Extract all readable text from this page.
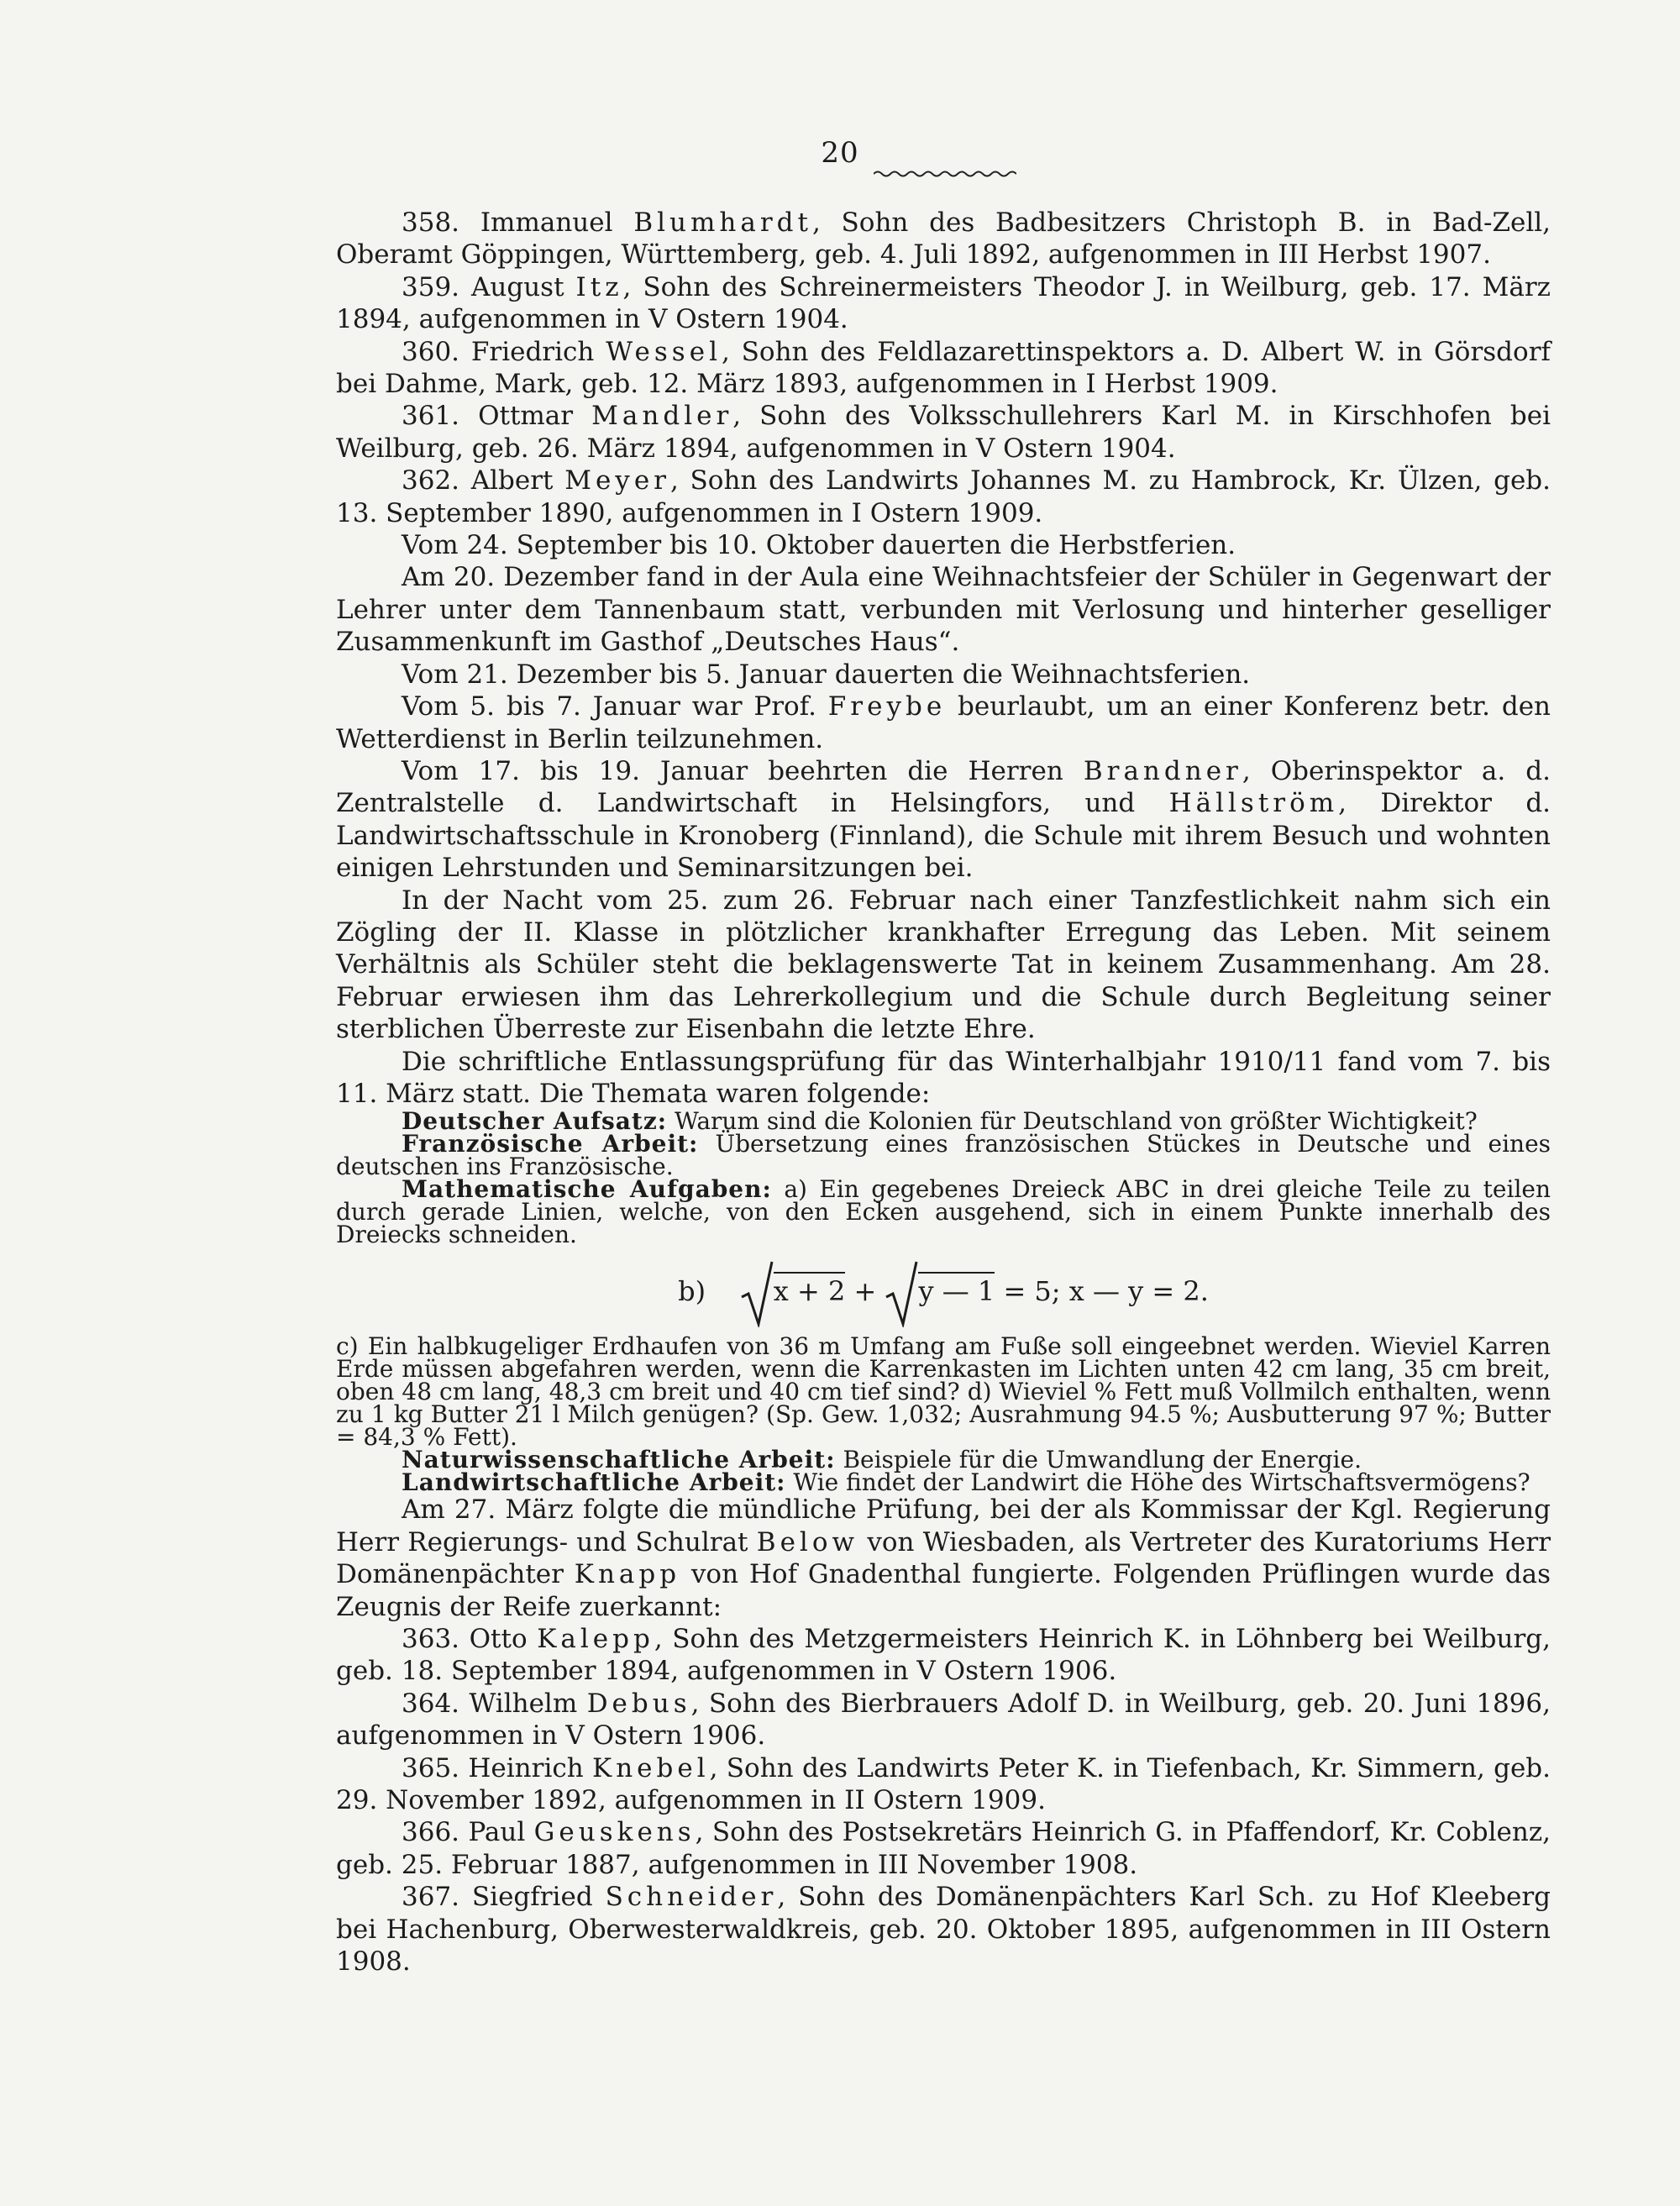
20

358. Immanuel Blumhardt, Sohn des Badbesitzers Christoph B. in Bad-Zell, Oberamt Göppingen, Württemberg, geb. 4. Juli 1892, aufgenommen in III Herbst 1907.

359. August Itz, Sohn des Schreinermeisters Theodor J. in Weilburg, geb. 17. März 1894, aufgenommen in V Ostern 1904.

360. Friedrich Wessel, Sohn des Feldlazarettinspektors a. D. Albert W. in Görsdorf bei Dahme, Mark, geb. 12. März 1893, aufgenommen in I Herbst 1909.

361. Ottmar Mandler, Sohn des Volksschullehrers Karl M. in Kirschhofen bei Weilburg, geb. 26. März 1894, aufgenommen in V Ostern 1904.

362. Albert Meyer, Sohn des Landwirts Johannes M. zu Hambrock, Kr. Ülzen, geb. 13. September 1890, aufgenommen in I Ostern 1909.

Vom 24. September bis 10. Oktober dauerten die Herbstferien.

Am 20. Dezember fand in der Aula eine Weihnachtsfeier der Schüler in Gegenwart der Lehrer unter dem Tannenbaum statt, verbunden mit Verlosung und hinterher geselliger Zusammenkunft im Gasthof „Deutsches Haus“.

Vom 21. Dezember bis 5. Januar dauerten die Weihnachtsferien.

Vom 5. bis 7. Januar war Prof. Freybe beurlaubt, um an einer Konferenz betr. den Wetterdienst in Berlin teilzunehmen.

Vom 17. bis 19. Januar beehrten die Herren Brandner, Oberinspektor a. d. Zentralstelle d. Landwirtschaft in Helsingfors, und Hällström, Direktor d. Landwirtschaftsschule in Kronoberg (Finnland), die Schule mit ihrem Besuch und wohnten einigen Lehrstunden und Seminarsitzungen bei.

In der Nacht vom 25. zum 26. Februar nach einer Tanzfestlichkeit nahm sich ein Zögling der II. Klasse in plötzlicher krankhafter Erregung das Leben. Mit seinem Verhältnis als Schüler steht die beklagenswerte Tat in keinem Zusammenhang. Am 28. Februar erwiesen ihm das Lehrerkollegium und die Schule durch Begleitung seiner sterblichen Überreste zur Eisenbahn die letzte Ehre.

Die schriftliche Entlassungsprüfung für das Winterhalbjahr 1910/11 fand vom 7. bis 11. März statt. Die Themata waren folgende:

Deutscher Aufsatz: Warum sind die Kolonien für Deutschland von größter Wichtigkeit?

Französische Arbeit: Übersetzung eines französischen Stückes in Deutsche und eines deutschen ins Französische.

Mathematische Aufgaben: a) Ein gegebenes Dreieck ABC in drei gleiche Teile zu teilen durch gerade Linien, welche, von den Ecken ausgehend, sich in einem Punkte innerhalb des Dreiecks schneiden.

b)	x + 2 + y — 1 = 5; x — y = 2.

c) Ein halbkugeliger Erdhaufen von 36 m Umfang am Fuße soll eingeebnet werden. Wieviel Karren Erde müssen abgefahren werden, wenn die Karrenkasten im Lichten unten 42 cm lang, 35 cm breit, oben 48 cm lang, 48,3 cm breit und 40 cm tief sind? d) Wieviel % Fett muß Vollmilch enthalten, wenn zu 1 kg Butter 21 l Milch genügen? (Sp. Gew. 1,032; Ausrahmung 94.5 %; Ausbutterung 97 %; Butter = 84,3 % Fett).

Naturwissenschaftliche Arbeit: Beispiele für die Umwandlung der Energie.

Landwirtschaftliche Arbeit: Wie findet der Landwirt die Höhe des Wirtschaftsvermögens?

Am 27. März folgte die mündliche Prüfung, bei der als Kommissar der Kgl. Regierung Herr Regierungs- und Schulrat Below von Wiesbaden, als Vertreter des Kuratoriums Herr Domänenpächter Knapp von Hof Gnadenthal fungierte. Folgenden Prüflingen wurde das Zeugnis der Reife zuerkannt:

363. Otto Kalepp, Sohn des Metzgermeisters Heinrich K. in Löhnberg bei Weilburg, geb. 18. September 1894, aufgenommen in V Ostern 1906.

364. Wilhelm Debus, Sohn des Bierbrauers Adolf D. in Weilburg, geb. 20. Juni 1896, aufgenommen in V Ostern 1906.

365. Heinrich Knebel, Sohn des Landwirts Peter K. in Tiefenbach, Kr. Simmern, geb. 29. November 1892, aufgenommen in II Ostern 1909.

366. Paul Geuskens, Sohn des Postsekretärs Heinrich G. in Pfaffendorf, Kr. Coblenz, geb. 25. Februar 1887, aufgenommen in III November 1908.

367. Siegfried Schneider, Sohn des Domänenpächters Karl Sch. zu Hof Kleeberg bei Hachenburg, Oberwesterwaldkreis, geb. 20. Oktober 1895, aufgenommen in III Ostern 1908.
